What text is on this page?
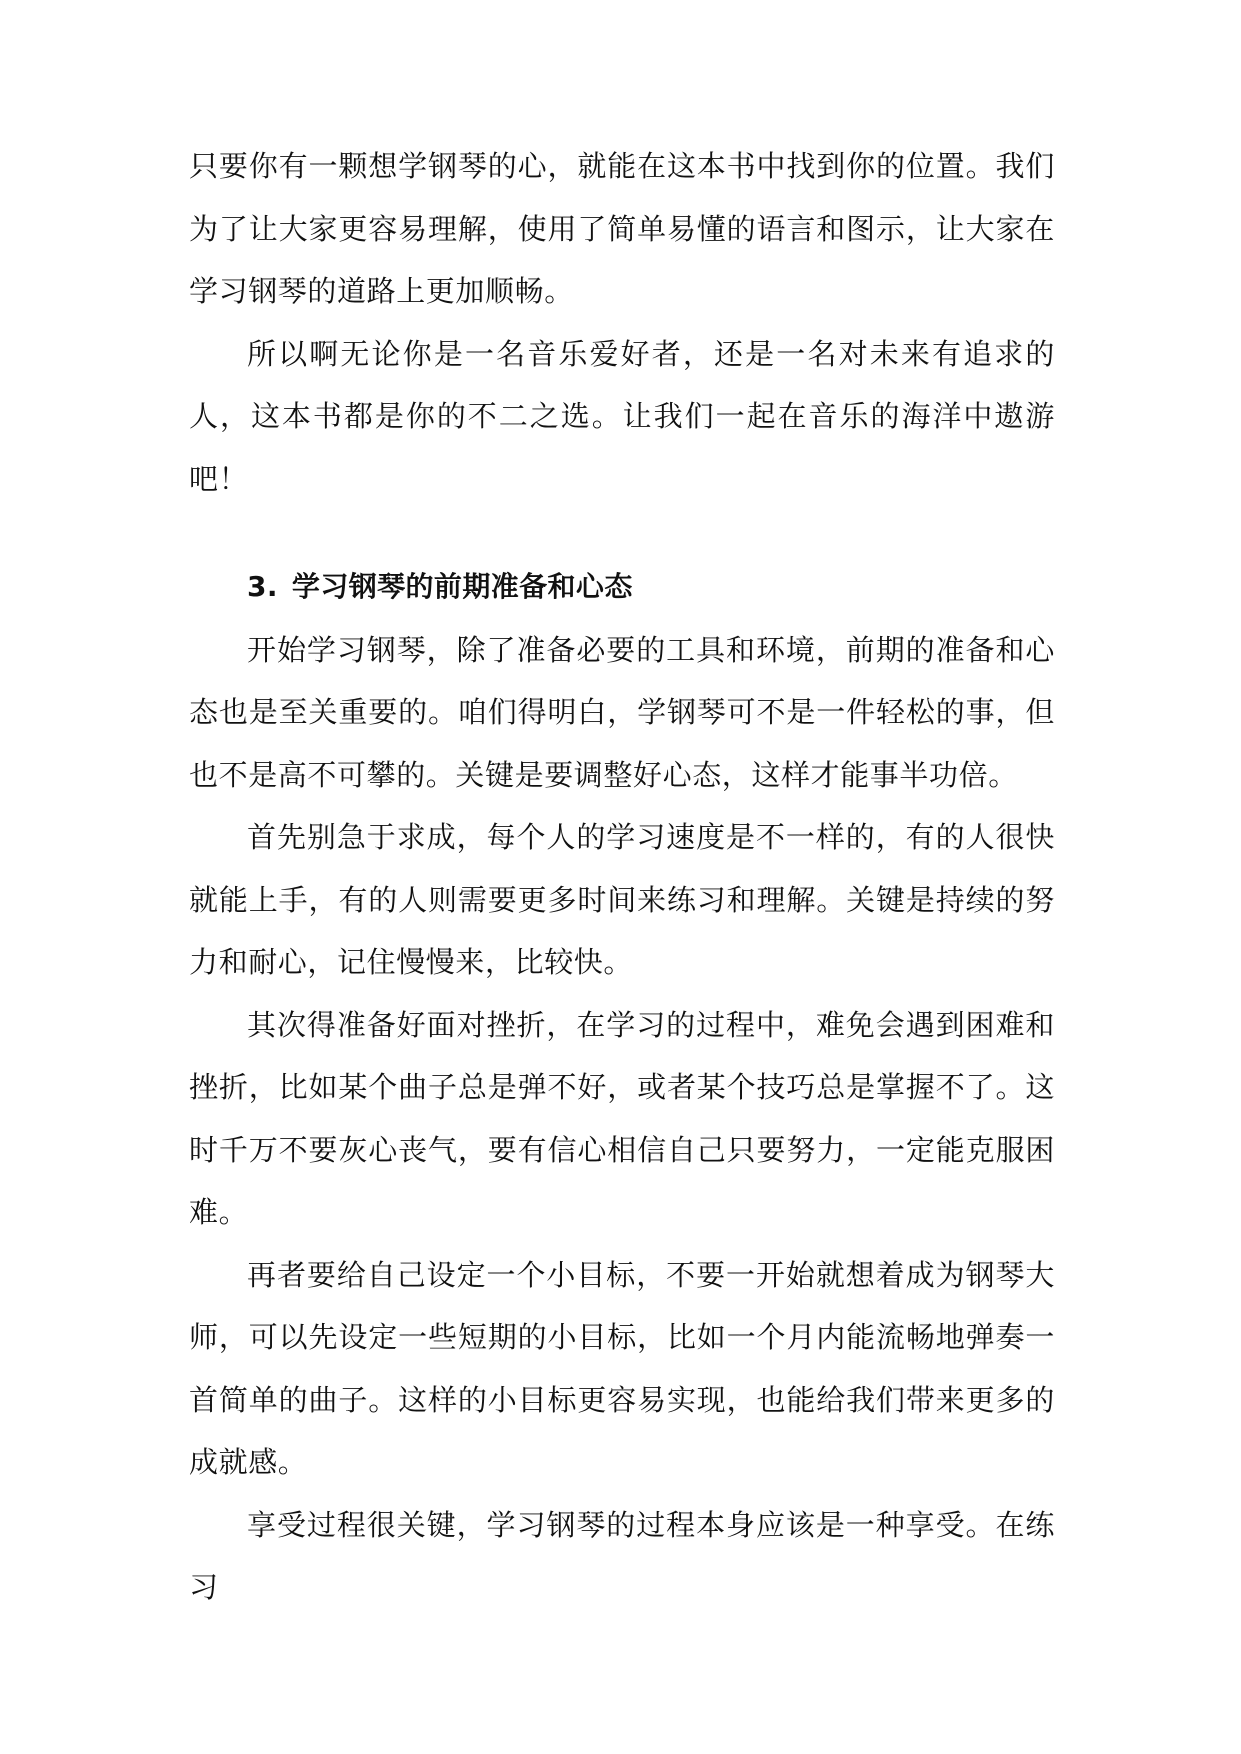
只要你有一颗想学钢琴的心，就能在这本书中找到你的位置。我们为了让大家更容易理解，使用了简单易懂的语言和图示，让大家在学习钢琴的道路上更加顺畅。

所以啊无论你是一名音乐爱好者，还是一名对未来有追求的人，这本书都是你的不二之选。让我们一起在音乐的海洋中遨游吧！

3. 学习钢琴的前期准备和心态

开始学习钢琴，除了准备必要的工具和环境，前期的准备和心态也是至关重要的。咱们得明白，学钢琴可不是一件轻松的事，但也不是高不可攀的。关键是要调整好心态，这样才能事半功倍。

首先别急于求成，每个人的学习速度是不一样的，有的人很快就能上手，有的人则需要更多时间来练习和理解。关键是持续的努力和耐心，记住慢慢来，比较快。

其次得准备好面对挫折，在学习的过程中，难免会遇到困难和挫折，比如某个曲子总是弹不好，或者某个技巧总是掌握不了。这时千万不要灰心丧气，要有信心相信自己只要努力，一定能克服困难。

再者要给自己设定一个小目标，不要一开始就想着成为钢琴大师，可以先设定一些短期的小目标，比如一个月内能流畅地弹奏一首简单的曲子。这样的小目标更容易实现，也能给我们带来更多的成就感。

享受过程很关键，学习钢琴的过程本身应该是一种享受。在练习
